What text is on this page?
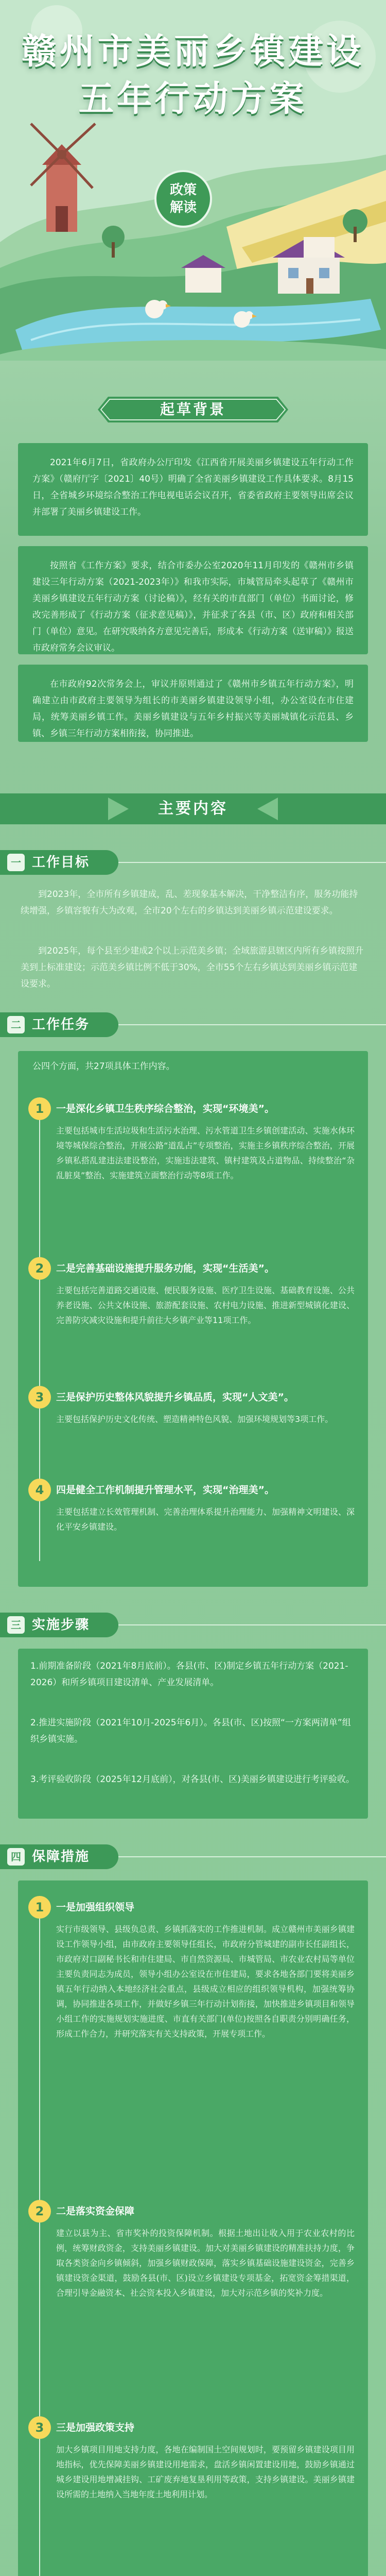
赣州市美丽乡镇建设
五年行动方案
政策
解读
起草背景
2021年6月7日，省政府办公厅印发《江西省开展美丽乡镇建设五年行动工作方案》（赣府厅字〔2021〕40号）明确了全省美丽乡镇建设工作具体要求。8月15日，全省城乡环境综合整治工作电视电话会议召开，省委省政府主要领导出席会议并部署了美丽乡镇建设工作。
按照省《工作方案》要求，结合市委办公室2020年11月印发的《赣州市乡镇建设三年行动方案（2021-2023年）》和我市实际，市城管局牵头起草了《赣州市美丽乡镇建设五年行动方案（讨论稿）》，经有关的市直部门（单位）书面讨论，修改完善形成了《行动方案（征求意见稿）》，并征求了各县（市、区）政府和相关部门（单位）意见。在研究吸纳各方意见完善后，形成本《行动方案（送审稿）》报送市政府常务会议审议。
在市政府92次常务会上，审议并原则通过了《赣州市乡镇五年行动方案》，明确建立由市政府主要领导为组长的市美丽乡镇建设领导小组，办公室设在市住建局，统筹美丽乡镇工作。美丽乡镇建设与五年乡村振兴等美丽城镇化示范县、乡镇、乡镇三年行动方案相衔接，协同推进。
主要内容
一 工作目标
到2023年，全市所有乡镇建成，乱、差现象基本解决，干净整洁有序，服务功能持续增强，乡镇容貌有大为改观，全市20个左右的乡镇达到美丽乡镇示范建设要求。
到2025年，每个县至少建成2个以上示范美乡镇；全域旅游县辖区内所有乡镇按照升美到上标准建设；示范美乡镇比例不低于30%，全市55个左右乡镇达到美丽乡镇示范建设要求。
二 工作任务
公四个方面，共27项具体工作内容。
1	一是深化乡镇卫生秩序综合整治，实现“环境美”。
主要包括城市生活垃圾和生活污水治理、污水管道卫生乡镇创建活动、实施水体环境等城保综合整治，开展公路“道乱占”专项整治，实施主乡镇秩序综合整治，开展乡镇私搭乱建违法建设整治，实施违法建筑、镇村建筑及占道物品、持续整治“杂乱脏臭”整治、实施建筑立面整治行动等8项工作。
2	二是完善基础设施提升服务功能，实现“生活美”。
主要包括完善道路交通设施、便民服务设施、医疗卫生设施、基础教育设施、公共养老设施、公共文体设施、旅游配套设施、农村电力设施、推进新型城镇化建设、完善防灾减灾设施和提升前往大乡镇产业等11项工作。
3	三是保护历史整体风貌提升乡镇品质，实现“人文美”。
主要包括保护历史文化传统、塑造精神特色风貌、加强环境规划等3项工作。
4	四是健全工作机制提升管理水平，实现“治理美”。
主要包括建立长效管理机制、完善治理体系提升治理能力、加强精神文明建设、深化平安乡镇建设。
三 实施步骤
1.前期准备阶段（2021年8月底前）。各县(市、区)制定乡镇五年行动方案（2021-2026）和所乡镇项目建设清单、产业发展清单。
2.推进实施阶段（2021年10月-2025年6月）。各县(市、区)按照“一方案两清单”组织乡镇实施。
3.考评验收阶段（2025年12月底前），对各县(市、区)美丽乡镇建设进行考评验收。
四 保障措施
1	一是加强组织领导
实行市级领导、县级负总责、乡镇抓落实的工作推进机制。成立赣州市美丽乡镇建设工作领导小组，由市政府主要领导任组长，市政府分管城建的副市长任副组长，市政府对口副秘书长和市住建局、市自然资源局、市城管局、市农业农村局等单位主要负责同志为成员，领导小组办公室设在市住建局，要求各地各部门要将美丽乡镇五年行动纳入本地经济社会重点，县级成立相应的组织领导机构，加强统筹协调，协同推进各项工作，并做好乡镇三年行动计划衔接，加快推进乡镇项目和领导小组工作的实施规划实施进度、市直有关部门(单位)按照各自职责分别明确任务，形成工作合力，并研究落实有关支持政策，开展专项工作。
2	二是落实资金保障
建立以县为主、省市奖补的投资保障机制。根据土地出让收入用于农业农村的比例，统筹财政资金，支持美丽乡镇建设。加大对美丽乡镇建设的精准扶持力度，争取各类资金向乡镇倾斜，加强乡镇财政保障，落实乡镇基础设施建设资金，完善乡镇建设资金渠道，鼓励各县(市、区)设立乡镇建设专项基金，拓宽资金筹措渠道，合理引导金融资本、社会资本投入乡镇建设，加大对示范乡镇的奖补力度。
3	三是加强政策支持
加大乡镇项目用地支持力度，各地在编制国土空间规划时，要预留乡镇建设项目用地指标，优先保障美丽乡镇建设用地需求，盘活乡镇闲置建设用地，鼓励乡镇通过城乡建设用地增减挂钩、工矿废弃地复垦利用等政策，支持乡镇建设。美丽乡镇建设所需的土地纳入当地年度土地利用计划。
